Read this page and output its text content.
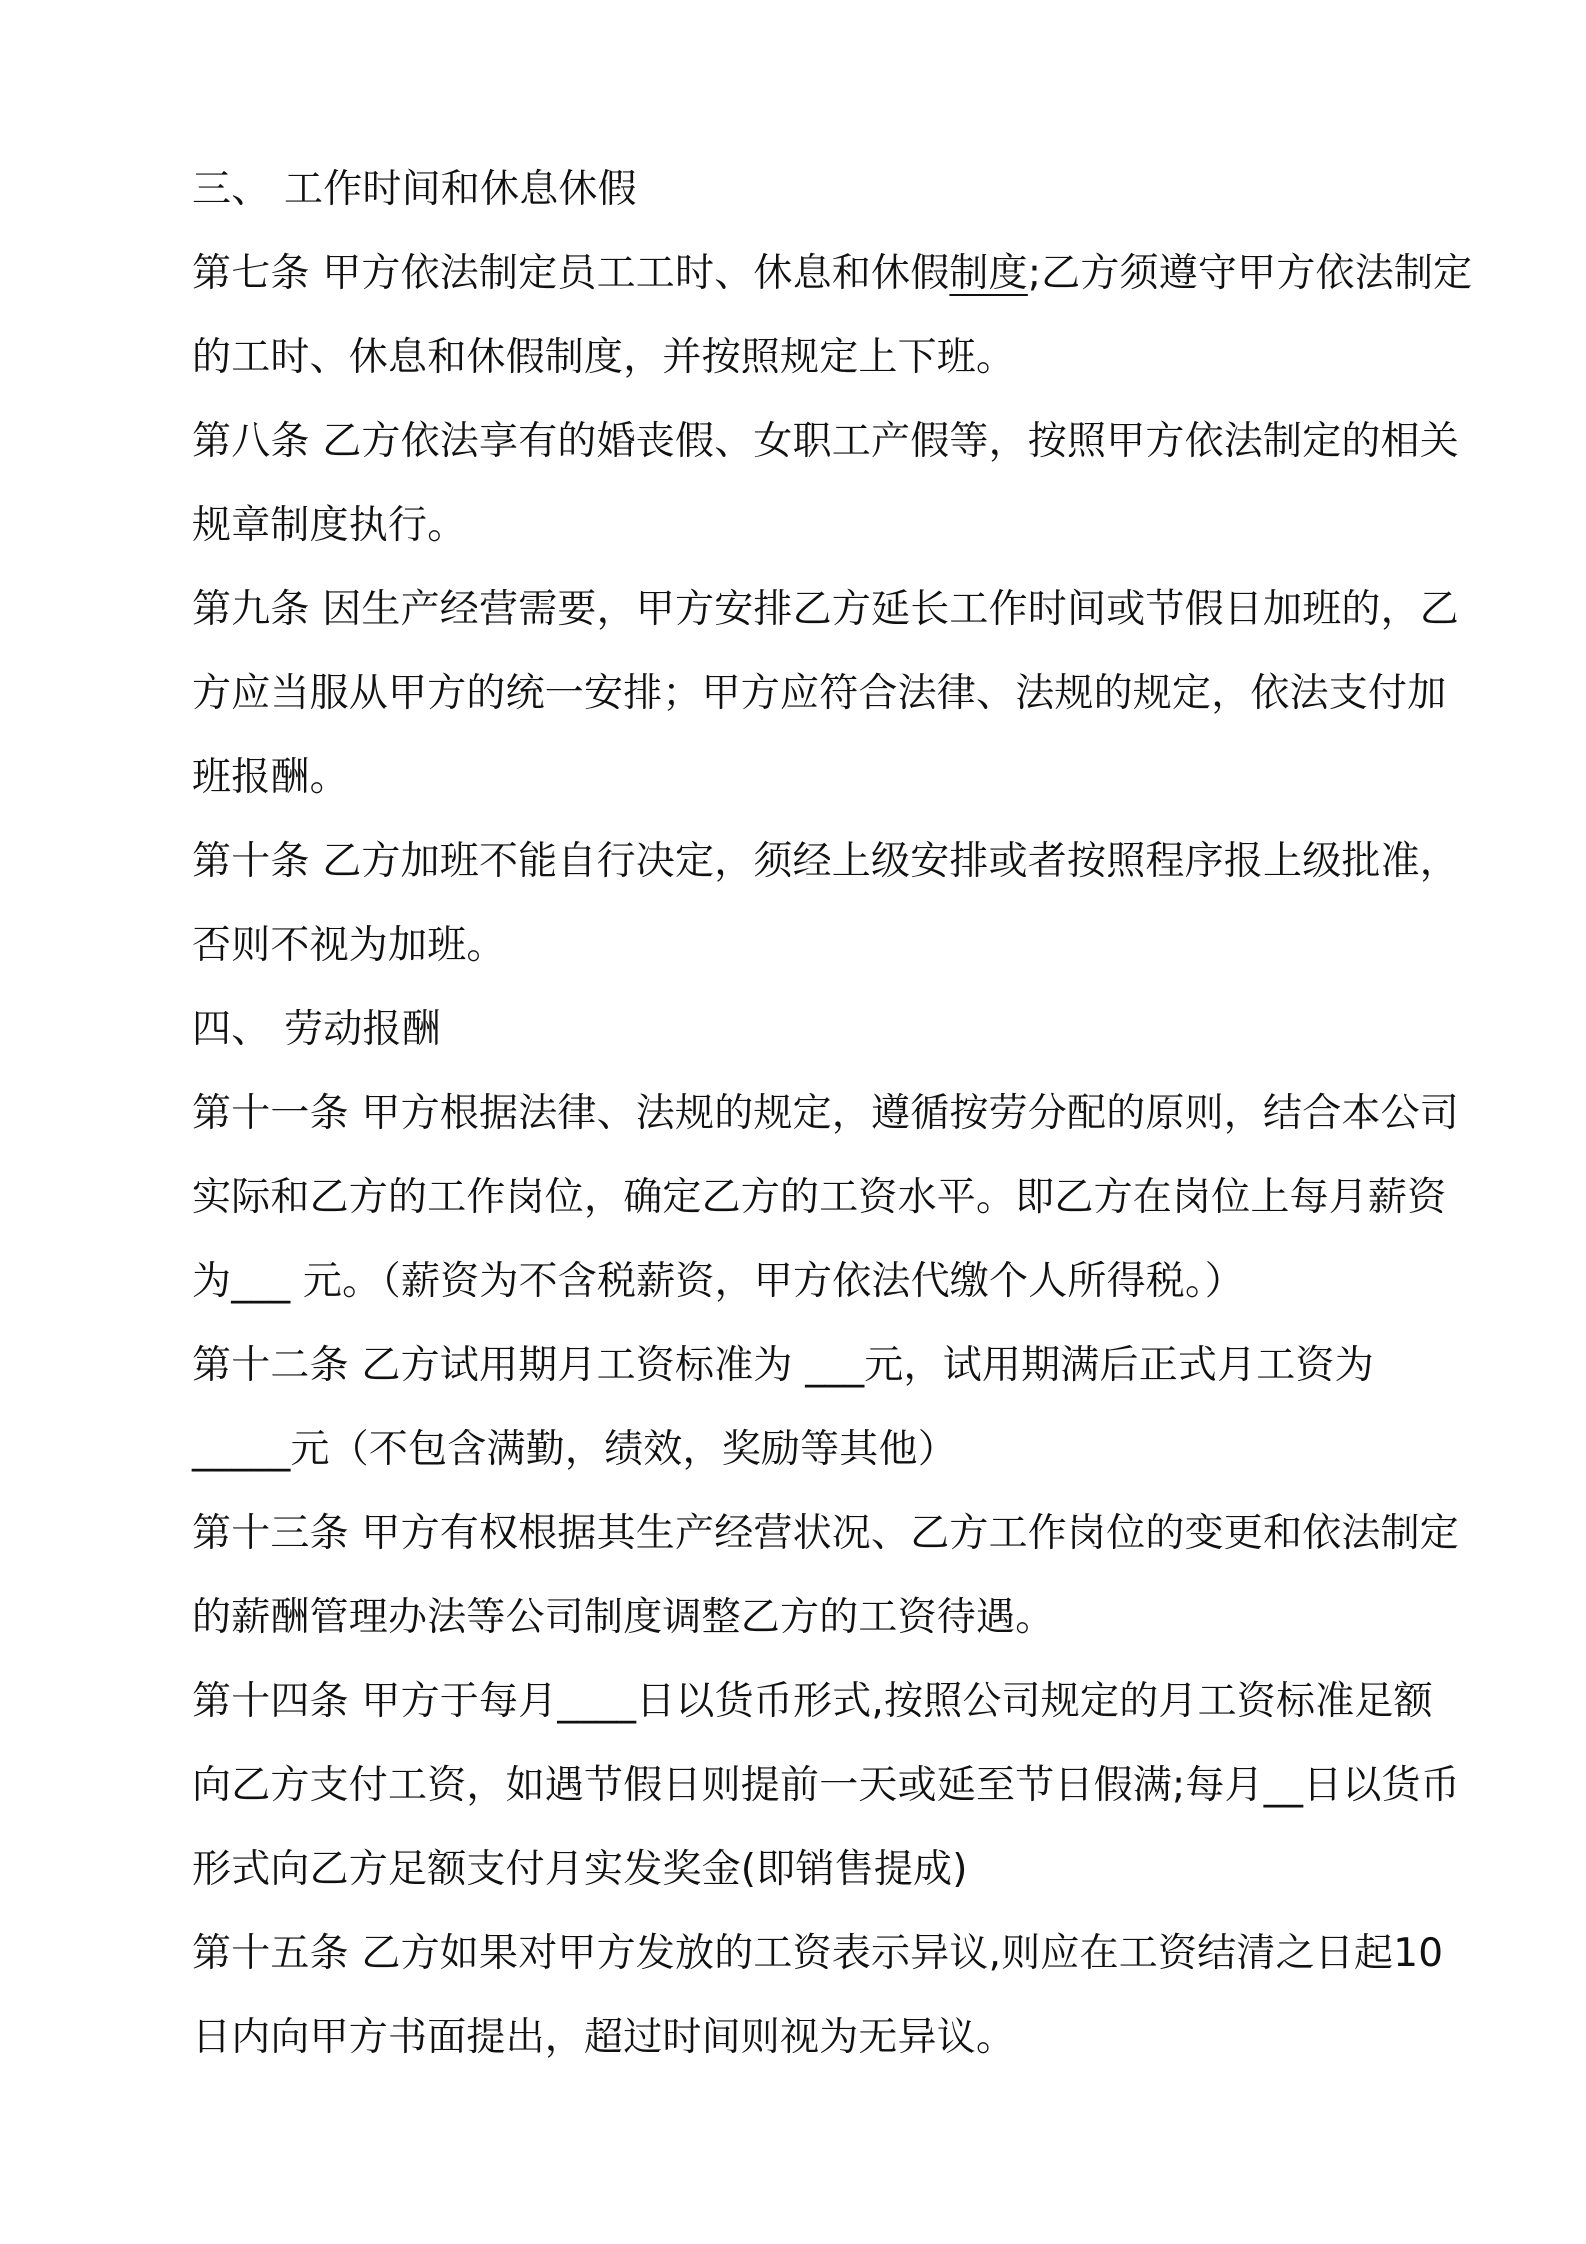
三、 工作时间和休息休假
第七条 甲方依法制定员工工时、休息和休假制度;乙方须遵守甲方依法制定
的工时、休息和休假制度，并按照规定上下班。
第八条 乙方依法享有的婚丧假、女职工产假等，按照甲方依法制定的相关
规章制度执行。
第九条 因生产经营需要，甲方安排乙方延长工作时间或节假日加班的，乙
方应当服从甲方的统一安排；甲方应符合法律、法规的规定，依法支付加
班报酬。
第十条 乙方加班不能自行决定，须经上级安排或者按照程序报上级批准，
否则不视为加班。
四、 劳动报酬
第十一条 甲方根据法律、法规的规定，遵循按劳分配的原则，结合本公司
实际和乙方的工作岗位，确定乙方的工资水平。即乙方在岗位上每月薪资
为___ 元。（薪资为不含税薪资，甲方依法代缴个人所得税。）
第十二条 乙方试用期月工资标准为 ___元，试用期满后正式月工资为
_____元（不包含满勤，绩效，奖励等其他）
第十三条 甲方有权根据其生产经营状况、乙方工作岗位的变更和依法制定
的薪酬管理办法等公司制度调整乙方的工资待遇。
第十四条 甲方于每月____日以货币形式,按照公司规定的月工资标准足额
向乙方支付工资，如遇节假日则提前一天或延至节日假满;每月__日以货币
形式向乙方足额支付月实发奖金(即销售提成)
第十五条 乙方如果对甲方发放的工资表示异议,则应在工资结清之日起10
日内向甲方书面提出，超过时间则视为无异议。
